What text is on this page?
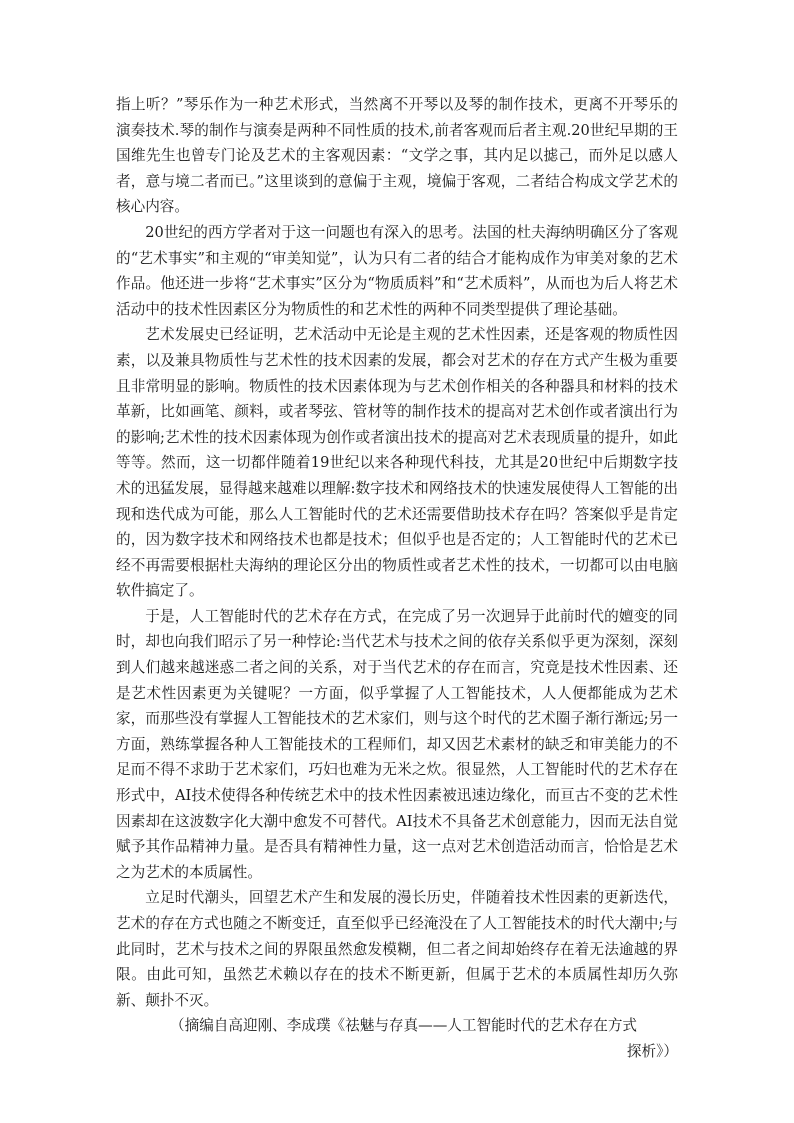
指上听？”琴乐作为一种艺术形式，当然离不开琴以及琴的制作技术，更离不开琴乐的演奏技术.琴的制作与演奏是两种不同性质的技术,前者客观而后者主观.20世纪早期的王国维先生也曾专门论及艺术的主客观因素：“文学之事，其内足以摅己，而外足以感人者，意与境二者而已。”这里谈到的意偏于主观，境偏于客观，二者结合构成文学艺术的核心内容。

20世纪的西方学者对于这一问题也有深入的思考。法国的杜夫海纳明确区分了客观的“艺术事实”和主观的“审美知觉”，认为只有二者的结合才能构成作为审美对象的艺术作品。他还进一步将“艺术事实”区分为“物质质料”和“艺术质料”，从而也为后人将艺术活动中的技术性因素区分为物质性的和艺术性的两种不同类型提供了理论基础。

艺术发展史已经证明，艺术活动中无论是主观的艺术性因素，还是客观的物质性因素，以及兼具物质性与艺术性的技术因素的发展，都会对艺术的存在方式产生极为重要且非常明显的影响。物质性的技术因素体现为与艺术创作相关的各种器具和材料的技术革新，比如画笔、颜料，或者琴弦、管材等的制作技术的提高对艺术创作或者演出行为的影响;艺术性的技术因素体现为创作或者演出技术的提高对艺术表现质量的提升，如此等等。然而，这一切都伴随着19世纪以来各种现代科技，尤其是20世纪中后期数字技术的迅猛发展，显得越来越难以理解:数字技术和网络技术的快速发展使得人工智能的出现和迭代成为可能，那么人工智能时代的艺术还需要借助技术存在吗？答案似乎是肯定的，因为数字技术和网络技术也都是技术；但似乎也是否定的；人工智能时代的艺术已经不再需要根据杜夫海纳的理论区分出的物质性或者艺术性的技术，一切都可以由电脑软件搞定了。

于是，人工智能时代的艺术存在方式，在完成了另一次迥异于此前时代的嬗变的同时，却也向我们昭示了另一种悖论:当代艺术与技术之间的依存关系似乎更为深刻，深刻到人们越来越迷惑二者之间的关系，对于当代艺术的存在而言，究竟是技术性因素、还是艺术性因素更为关键呢？一方面，似乎掌握了人工智能技术，人人便都能成为艺术家，而那些没有掌握人工智能技术的艺术家们，则与这个时代的艺术圈子渐行渐远;另一方面，熟练掌握各种人工智能技术的工程师们，却又因艺术素材的缺乏和审美能力的不足而不得不求助于艺术家们，巧妇也难为无米之炊。很显然，人工智能时代的艺术存在形式中，AI技术使得各种传统艺术中的技术性因素被迅速边缘化，而亘古不变的艺术性因素却在这波数字化大潮中愈发不可替代。AI技术不具备艺术创意能力，因而无法自觉赋予其作品精神力量。是否具有精神性力量，这一点对艺术创造活动而言，恰恰是艺术之为艺术的本质属性。

立足时代潮头，回望艺术产生和发展的漫长历史，伴随着技术性因素的更新迭代，艺术的存在方式也随之不断变迁，直至似乎已经淹没在了人工智能技术的时代大潮中;与此同时，艺术与技术之间的界限虽然愈发模糊，但二者之间却始终存在着无法逾越的界限。由此可知，虽然艺术赖以存在的技术不断更新，但属于艺术的本质属性却历久弥新、颠扑不灭。

（摘编自高迎刚、李成璞《祛魅与存真——人工智能时代的艺术存在方式
探析》）
